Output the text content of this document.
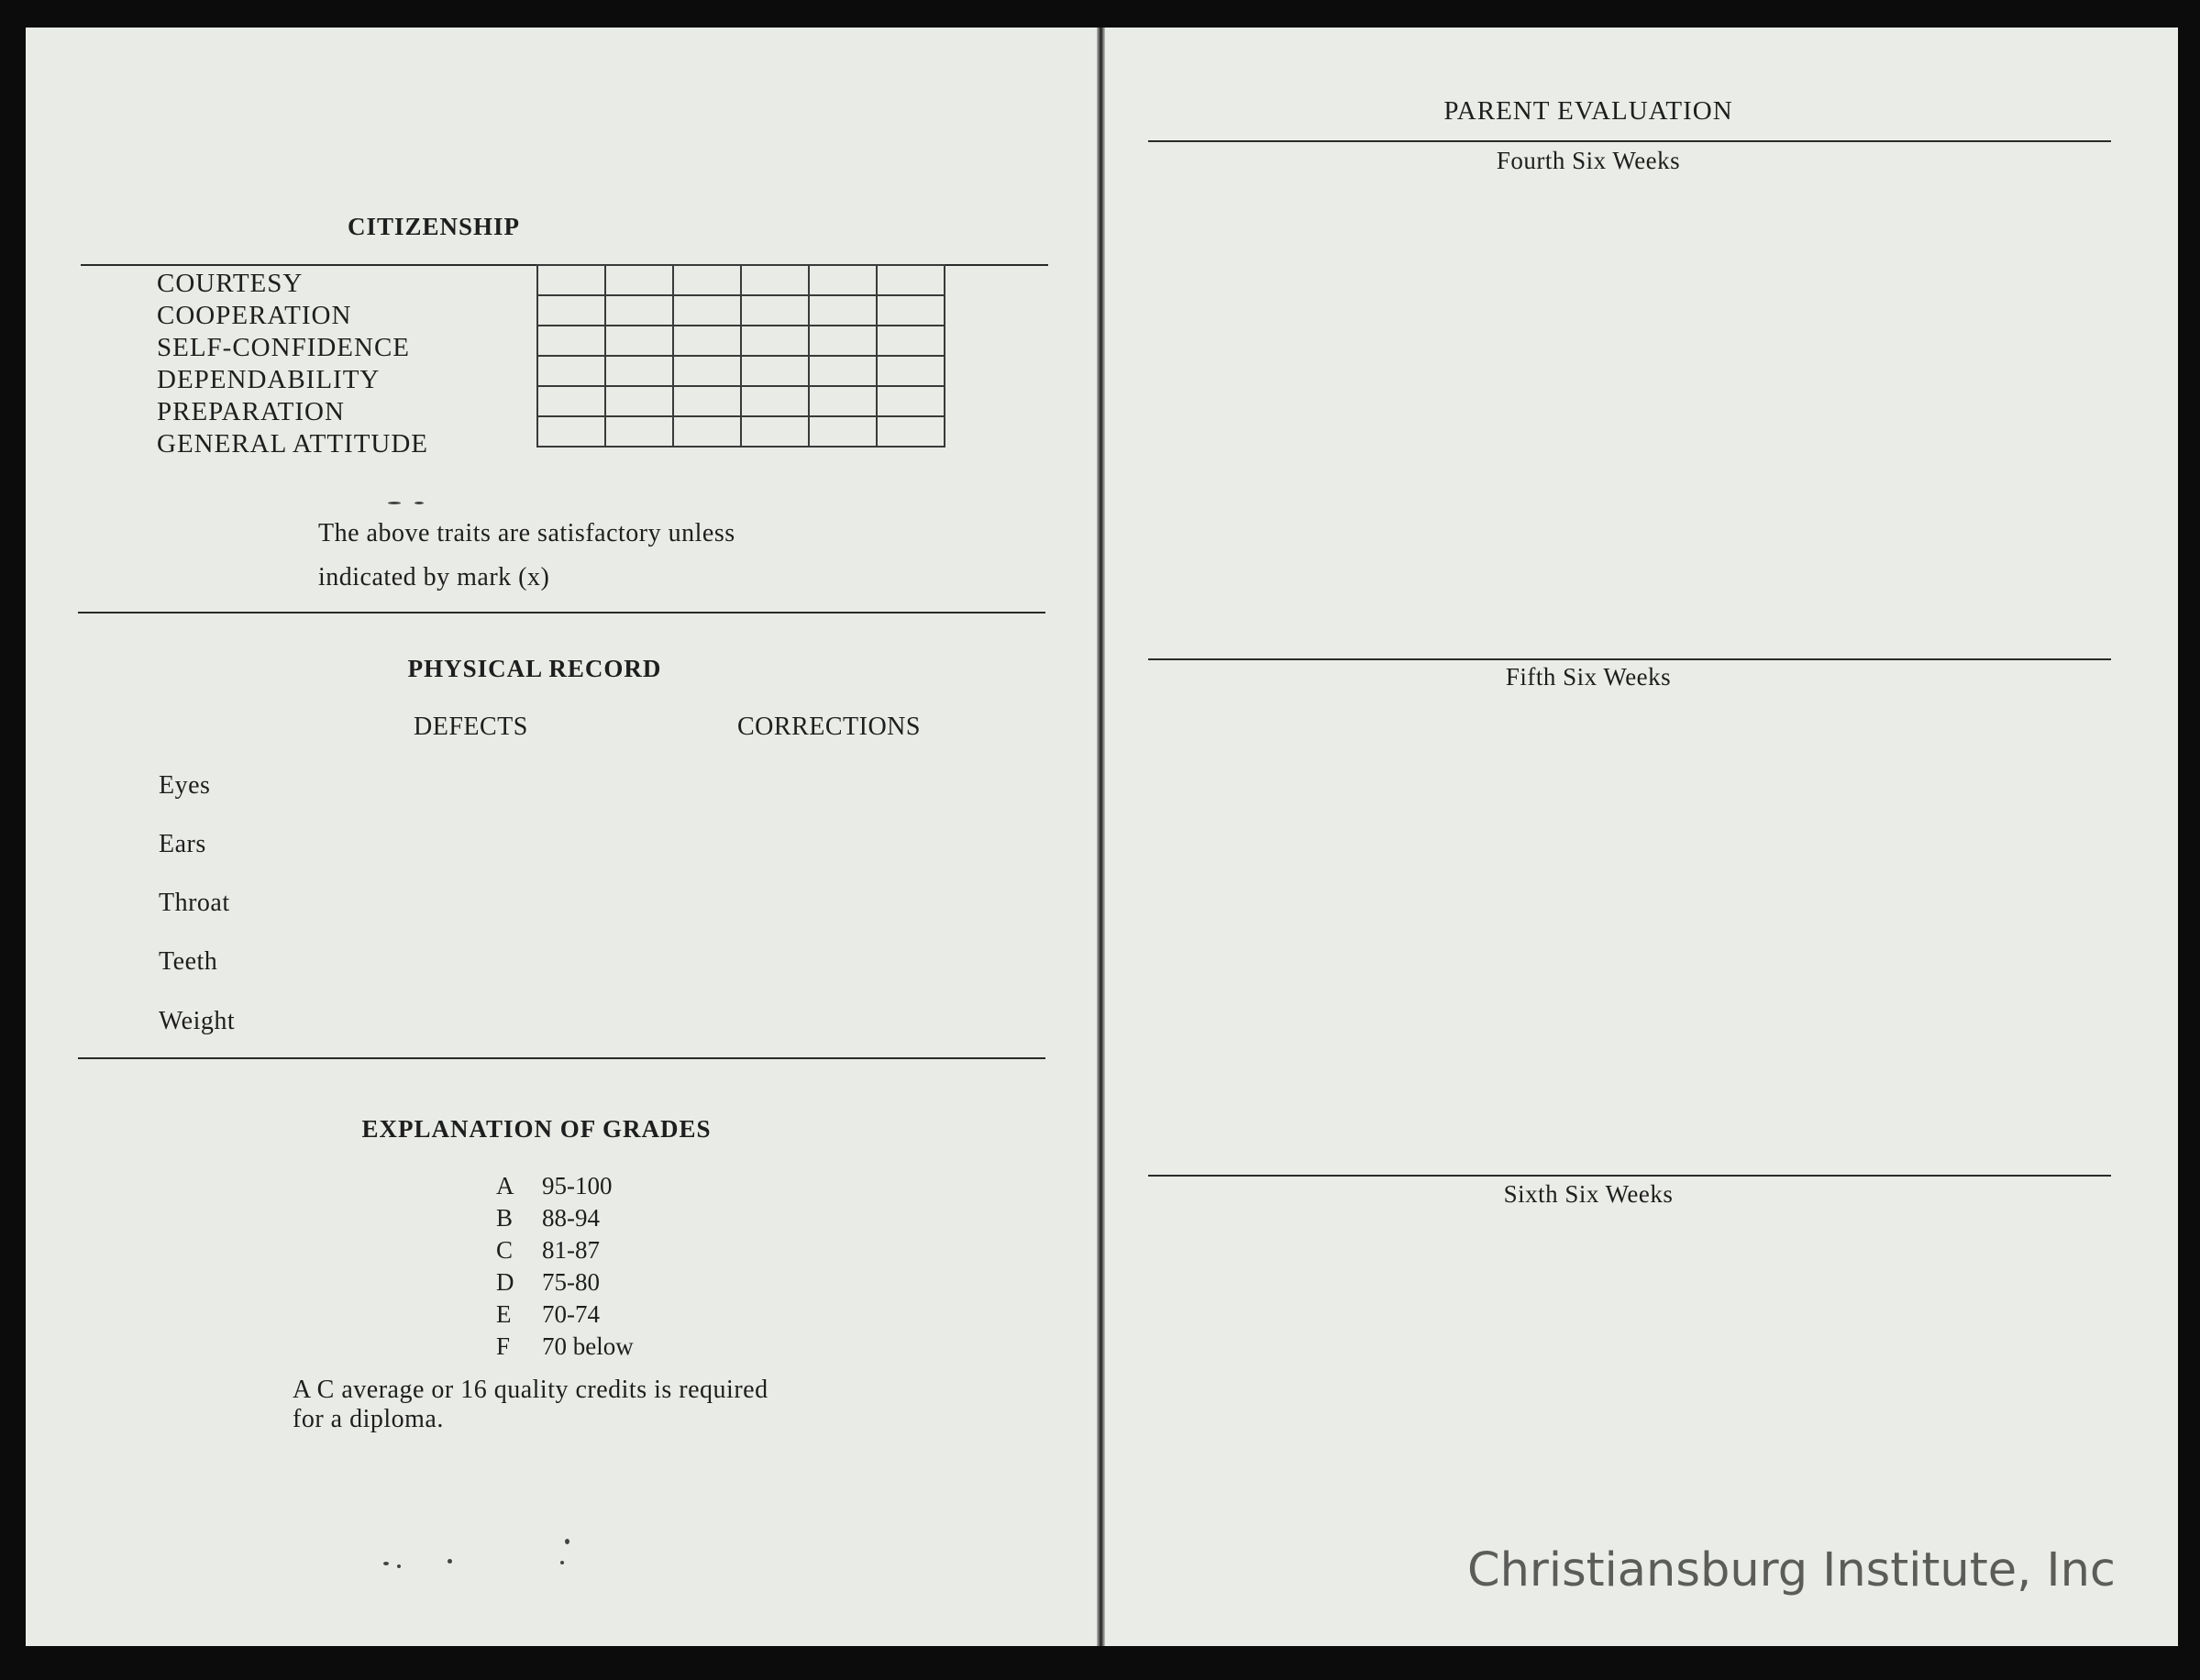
CITIZENSHIP
COURTESY
COOPERATION
SELF-CONFIDENCE
DEPENDABILITY
PREPARATION
GENERAL ATTITUDE

The above traits are satisfactory unless
indicated by mark (x)
PHYSICAL RECORD
DEFECTS	CORRECTIONS
Eyes
Ears
Throat
Teeth
Weight
EXPLANATION OF GRADES
A 95-100
B 88-94
C 81-87
D 75-80
E 70-74
F 70 below
A C average or 16 quality credits is required
for a diploma.
PARENT EVALUATION
Fourth Six Weeks
Fifth Six Weeks
Sixth Six Weeks
Christiansburg Institute, Inc
